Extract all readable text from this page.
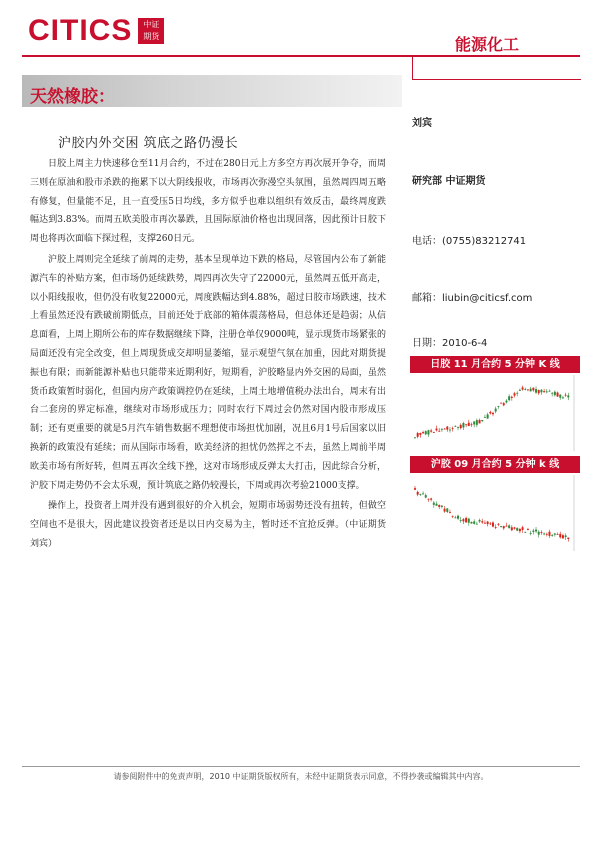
CITICS 中证
期货	能源化工
天然橡胶：
沪胶内外交困 筑底之路仍漫长

日胶上周主力快速移仓至11月合约，不过在280日元上方多空方再次展开争夺，而周三则在原油和股市杀跌的拖累下以大阴线报收，市场再次弥漫空头氛围，虽然周四周五略有修复，但量能不足，且一直受压5日均线，多方似乎也难以组织有效反击，最终周度跌幅达到3.83%。而周五欧美股市再次暴跌，且国际原油价格也出现回落，因此预计日胶下周也将再次面临下探过程，支撑260日元。

沪胶上周则完全延续了前周的走势，基本呈现单边下跌的格局，尽管国内公布了新能源汽车的补贴方案，但市场仍延续跌势，周四再次失守了22000元，虽然周五低开高走，以小阳线报收，但仍没有收复22000元，周度跌幅达到4.88%，超过日胶市场跌速，技术上看虽然还没有跌破前期低点，目前还处于底部的箱体震荡格局，但总体还是趋弱；从信息面看，上周上期所公布的库存数据继续下降，注册仓单仅9000吨，显示现货市场紧张的局面还没有完全改变，但上周现货成交却明显萎缩，显示观望气氛在加重，因此对期货提振也有限；而新能源补贴也只能带来近期利好，短期看，沪胶略显内外交困的局面，虽然货币政策暂时弱化，但国内房产政策调控仍在延续，上周土地增值税办法出台，周末有出台二套房的界定标准，继续对市场形成压力；同时农行下周过会仍然对国内股市形成压制；还有更重要的就是5月汽车销售数据不理想使市场担忧加剧，况且6月1号后国家以旧换新的政策没有延续；而从国际市场看，欧美经济的担忧仍然挥之不去，虽然上周前半周欧美市场有所好转，但周五再次全线下挫，这对市场形成反弹太大打击，因此综合分析，沪胶下周走势仍不会太乐观，预计筑底之路仍较漫长，下周或再次考验21000支撑。

操作上，投资者上周并没有遇到很好的介入机会，短期市场弱势还没有扭转，但做空空间也不是很大，因此建议投资者还是以日内交易为主，暂时还不宜抢反弹。（中证期货 刘宾）

刘宾
研究部 中证期货
电话：(0755)83212741
邮箱：liubin@citicsf.com
日期：2010-6-4
日胶 11 月合约 5 分钟 K 线
沪胶 09 月合约 5 分钟 k 线
请参阅附件中的免责声明，2010 中证期货版权所有，未经中证期货表示同意，不得抄袭或编辑其中内容。
